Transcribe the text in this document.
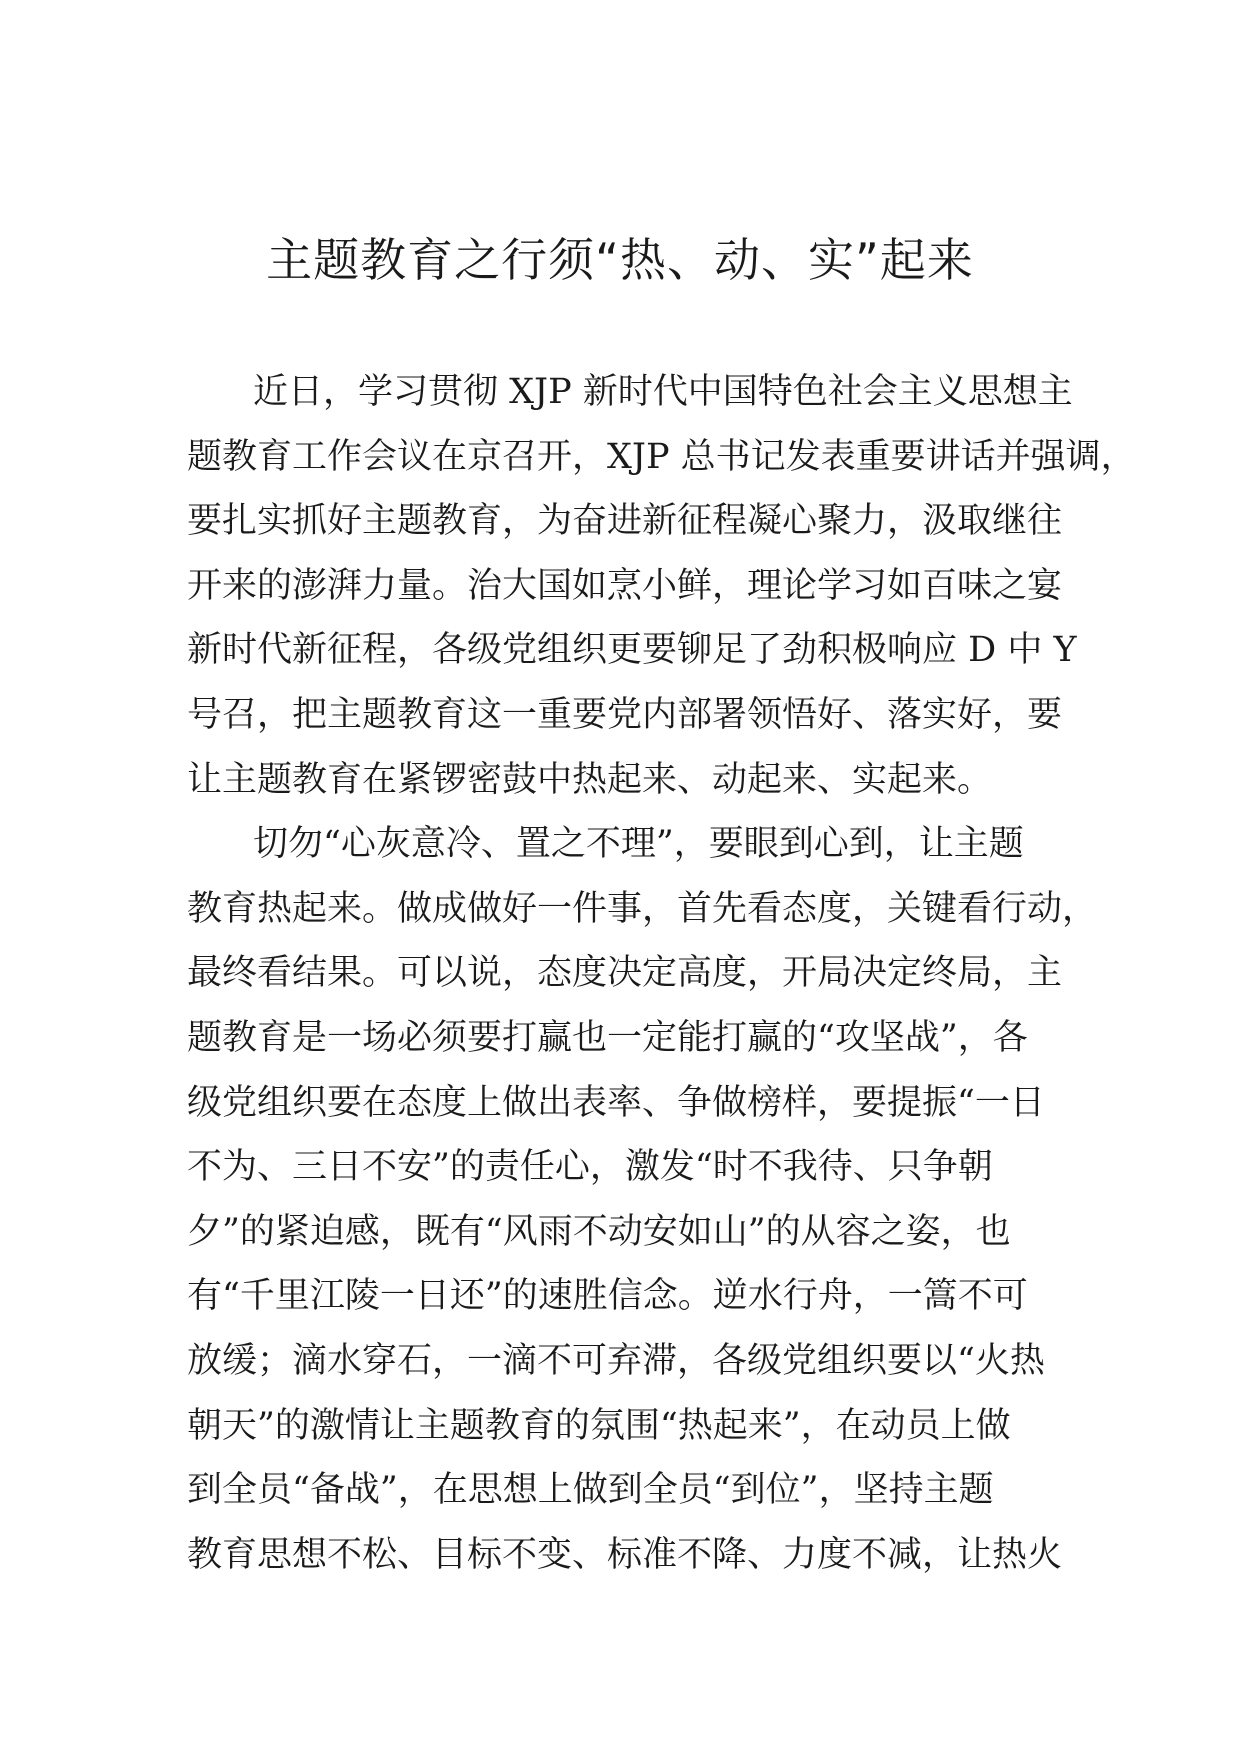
主题教育之行须“热、动、实”起来
近日，学习贯彻 XJP 新时代中国特色社会主义思想主
题教育工作会议在京召开，XJP 总书记发表重要讲话并强调，
要扎实抓好主题教育，为奋进新征程凝心聚力，汲取继往
开来的澎湃力量。治大国如烹小鲜，理论学习如百味之宴
新时代新征程，各级党组织更要铆足了劲积极响应 D 中 Y
号召，把主题教育这一重要党内部署领悟好、落实好，要
让主题教育在紧锣密鼓中热起来、动起来、实起来。
切勿“心灰意冷、置之不理”，要眼到心到，让主题
教育热起来。做成做好一件事，首先看态度，关键看行动，
最终看结果。可以说，态度决定高度，开局决定终局，主
题教育是一场必须要打赢也一定能打赢的“攻坚战”，各
级党组织要在态度上做出表率、争做榜样，要提振“一日
不为、三日不安”的责任心，激发“时不我待、只争朝
夕”的紧迫感，既有“风雨不动安如山”的从容之姿，也
有“千里江陵一日还”的速胜信念。逆水行舟，一篙不可
放缓；滴水穿石，一滴不可弃滞，各级党组织要以“火热
朝天”的激情让主题教育的氛围“热起来”，在动员上做
到全员“备战”，在思想上做到全员“到位”，坚持主题
教育思想不松、目标不变、标准不降、力度不减，让热火
